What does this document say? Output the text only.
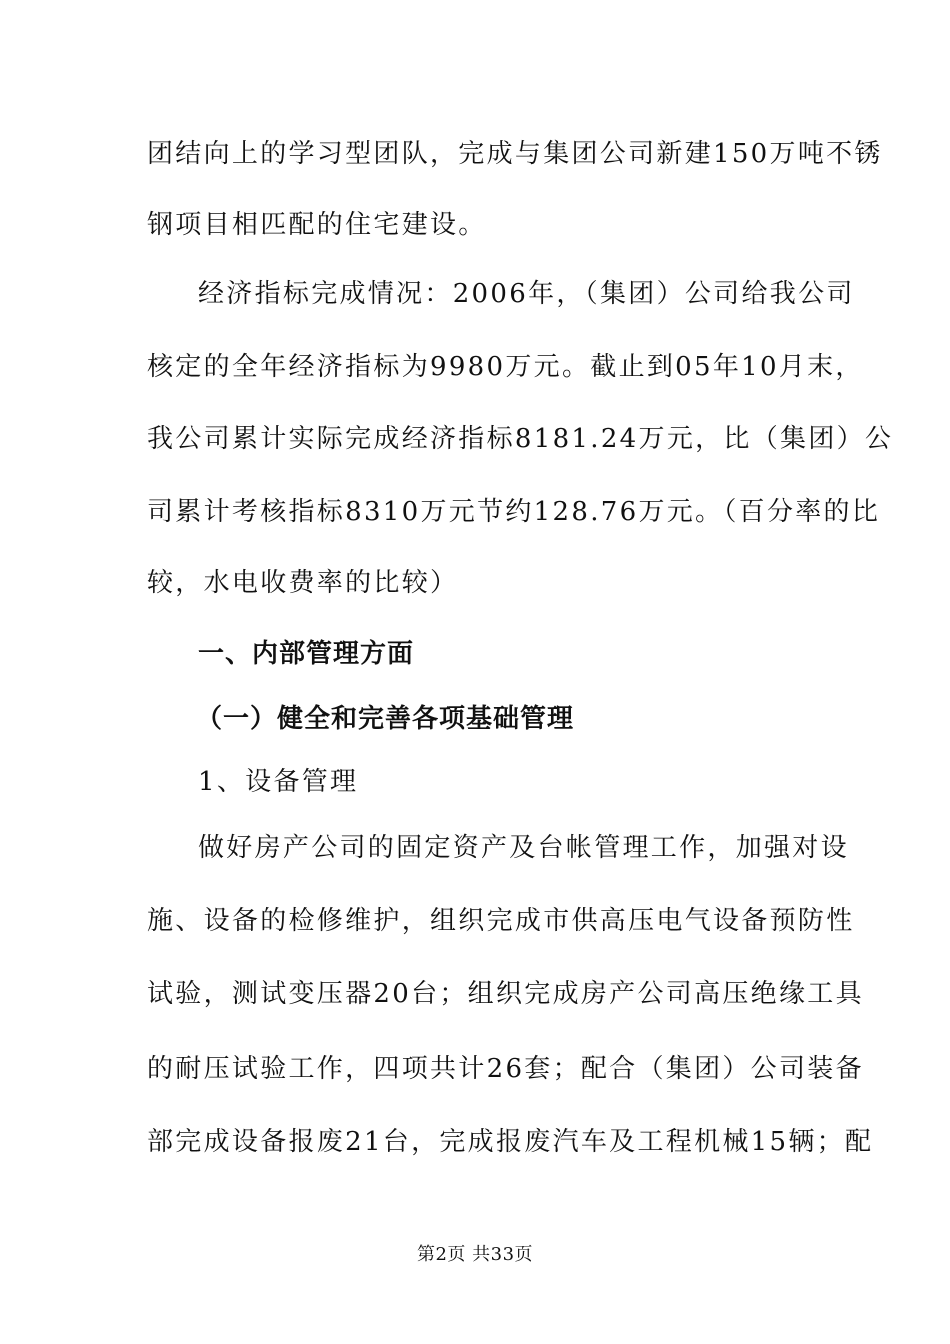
团结向上的学习型团队，完成与集团公司新建150万吨不锈
钢项目相匹配的住宅建设。
经济指标完成情况：2006年，（集团）公司给我公司
核定的全年经济指标为9980万元。截止到05年10月末，
我公司累计实际完成经济指标8181.24万元，比（集团）公
司累计考核指标8310万元节约128.76万元。（百分率的比
较，水电收费率的比较）
一、内部管理方面
（一）健全和完善各项基础管理
1、设备管理
做好房产公司的固定资产及台帐管理工作，加强对设
施、设备的检修维护，组织完成市供高压电气设备预防性
试验，测试变压器20台；组织完成房产公司高压绝缘工具
的耐压试验工作，四项共计26套；配合（集团）公司装备
部完成设备报废21台，完成报废汽车及工程机械15辆；配
第2页 共33页
